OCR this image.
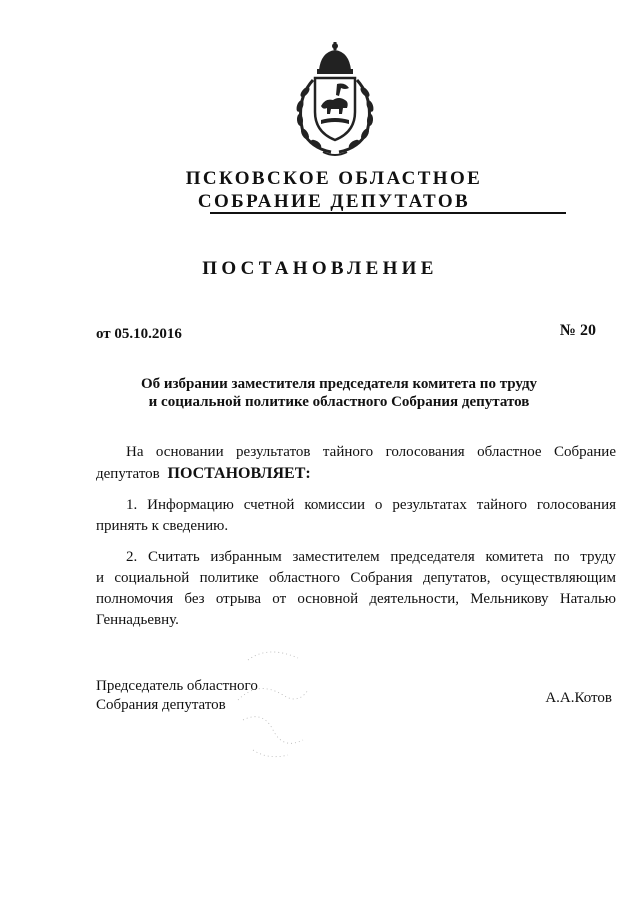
ПСКОВСКОЕ ОБЛАСТНОЕ
СОБРАНИЕ ДЕПУТАТОВ
ПОСТАНОВЛЕНИЕ
от 05.10.2016	№ 20
Об избрании заместителя председателя комитета по труду
и социальной политике областного Собрания депутатов
На основании результатов тайного голосования областное Собрание
депутатов ПОСТАНОВЛЯЕТ:
1. Информацию счетной комиссии о результатах тайного голосования
принять к сведению.
2. Считать избранным заместителем председателя комитета по труду
и социальной политике областного Собрания депутатов, осуществляющим
полномочия без отрыва от основной деятельности, Мельникову Наталью
Геннадьевну.
Председатель областного
Собрания депутатов	А.А.Котов
